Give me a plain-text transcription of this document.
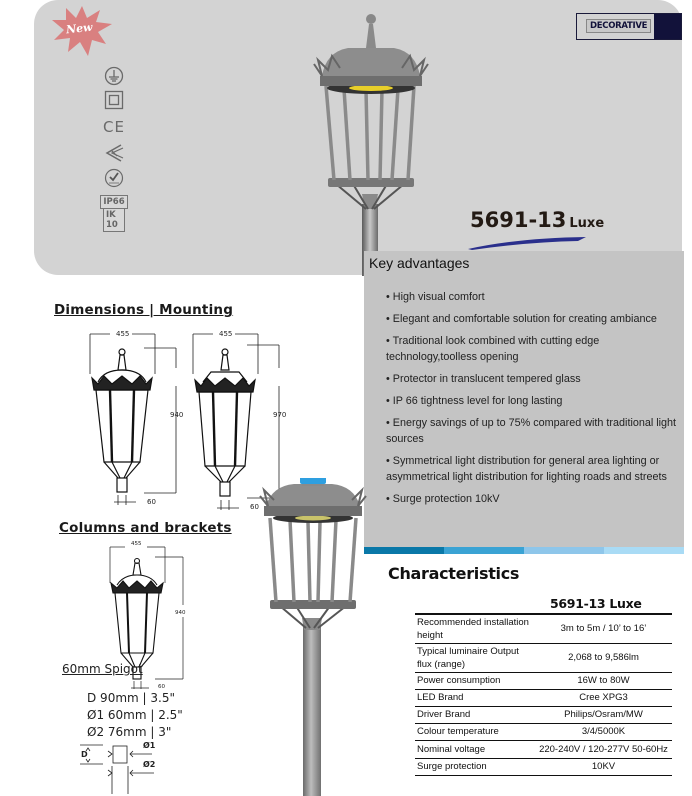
New
CE
IP66
IK 10
DECORATIVE
5691-13 Luxe
Key advantages
• High visual comfort
• Elegant and comfortable solution for creating ambiance
• Traditional look combined with cutting edge technology,toolless opening
• Protector in translucent tempered glass
• IP 66 tightness level for long lasting
• Energy savings of up to 75% compared with traditional light sources
• Symmetrical light distribution for general area lighting or asymmetrical light distribution for lighting roads and streets
• Surge protection 10kV
Dimensions | Mounting
455
940
60
455
970
60
Columns and brackets
455
940
60
60mm Spigot
D 90mm | 3.5"
Ø1 60mm | 2.5"
Ø2 76mm | 3"
D
Ø1
Ø2
Characteristics
5691-13 Luxe
Recommended installation height	3m to 5m / 10’ to 16’
Typical luminaire Output flux (range)	2,068 to 9,586lm
Power consumption	16W to 80W
LED Brand	Cree XPG3
Driver Brand	Philips/Osram/MW
Colour temperature	3/4/5000K
Nominal voltage	220-240V / 120-277V 50-60Hz
Surge protection	10KV
